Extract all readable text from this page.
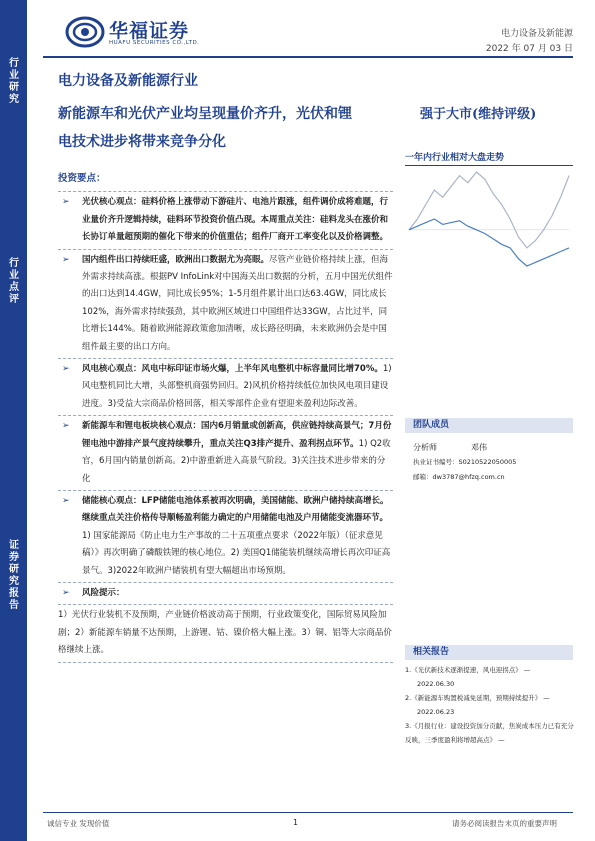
行
业
研
究
行
业
点
评
证
券
研
究
报
告
华福证券
HUAFU SECURITIES CO.,LTD.
电力设备及新能源
2022 年 07 月 03 日
电力设备及新能源行业
新能源车和光伏产业均呈现量价齐升，光伏和锂
电技术进步将带来竞争分化
强于大市(维持评级)
一年内行业相对大盘走势
投资要点：
➢ 光伏核心观点：硅料价格上涨带动下游硅片、电池片跟涨，组件调价成将难题，行业量价齐升逻辑持续，硅料环节投资价值凸现。本周重点关注：硅料龙头在涨价和长协订单量超预期的催化下带来的价值重估；组件厂商开工率变化以及价格调整。
➢ 国内组件出口持续旺盛，欧洲出口数据尤为亮眼。尽管产业链价格持续上涨，但海外需求持续高涨。根据PV InfoLink对中国海关出口数据的分析，五月中国光伏组件的出口达到14.4GW，同比成长95%；1-5月组件累计出口达63.4GW，同比成长102%，海外需求持续强劲，其中欧洲区域进口中国组件达33GW，占比过半，同比增长144%。随着欧洲能源政策愈加清晰，成长路径明确，未来欧洲仍会是中国组件最主要的出口方向。
➢ 风电核心观点：风电中标印证市场火爆，上半年风电整机中标容量同比增70%。1)风电整机同比大增，头部整机商强势回归。2)风机价格持续低位加快风电项目建设进度。3)受益大宗商品价格回落，相关零部件企业有望迎来盈利边际改善。
➢ 新能源车和锂电板块核心观点：国内6月销量或创新高，供应链持续高景气；7月份锂电池中游排产景气度持续攀升，重点关注Q3排产提升、盈利拐点环节。1) Q2收官，6月国内销量创新高。2)中游重新进入高景气阶段。3)关注技术进步带来的分化
➢ 储能核心观点：LFP储能电池体系被再次明确，美国储能、欧洲户储持续高增长。继续重点关注价格传导顺畅盈利能力确定的户用储能电池及户用储能变流器环节。1) 国家能源局《防止电力生产事故的二十五项重点要求（2022年版）（征求意见稿）》再次明确了磷酸铁锂的核心地位。2) 美国Q1储能装机继续高增长再次印证高景气。3)2022年欧洲户储装机有望大幅超出市场预期。
➢ 风险提示：
1）光伏行业装机不及预期，产业链价格波动高于预期，行业政策变化，国际贸易风险加剧；2）新能源车销量不达预期，上游锂、钴、镍价格大幅上涨。3）铜、铝等大宗商品价格继续上涨。
团队成员
分析师	邓伟
执业证书编号：S0210522050005
邮箱：dw3787@hfzq.com.cn
相关报告
1.《光伏新技术逐渐提速，风电迎拐点》 —
2022.06.30
2.《新能源车购置税减免延期，预期持续提升》 —
2022.06.23
3.《月报行业：建设投资加分贡献，焦炭成本压力已有充分反映，三季度盈利将增超高点》 —
诚信专业 发现价值	1	请务必阅读报告末页的重要声明
